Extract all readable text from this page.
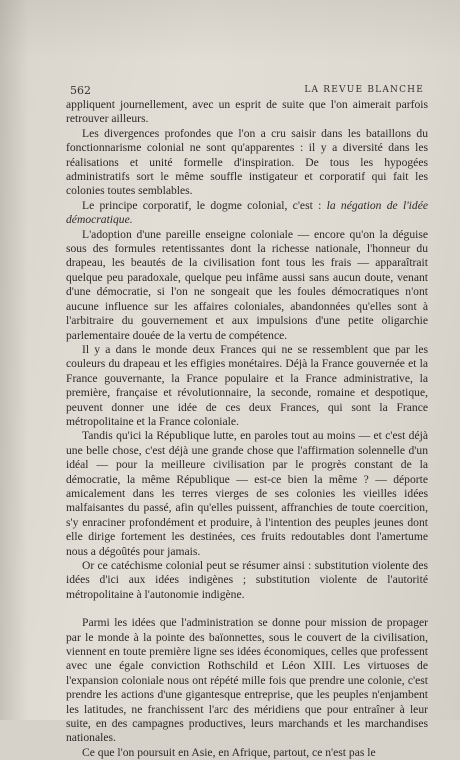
562	LA REVUE BLANCHE

appliquent journellement, avec un esprit de suite que l'on aimerait parfois retrouver ailleurs.

Les divergences profondes que l'on a cru saisir dans les bataillons du fonctionnarisme colonial ne sont qu'apparentes : il y a diversité dans les réalisations et unité formelle d'inspiration. De tous les hypogées administratifs sort le même souffle instigateur et corporatif qui fait les colonies toutes semblables.

Le principe corporatif, le dogme colonial, c'est : la négation de l'idée démocratique.

L'adoption d'une pareille enseigne coloniale — encore qu'on la déguise sous des formules retentissantes dont la richesse nationale, l'honneur du drapeau, les beautés de la civilisation font tous les frais — apparaîtrait quelque peu paradoxale, quelque peu infâme aussi sans aucun doute, venant d'une démocratie, si l'on ne songeait que les foules démocratiques n'ont aucune influence sur les affaires coloniales, abandonnées qu'elles sont à l'arbitraire du gouvernement et aux impulsions d'une petite oligarchie parlementaire douée de la vertu de compétence.

Il y a dans le monde deux Frances qui ne se ressemblent que par les couleurs du drapeau et les effigies monétaires. Déjà la France gouvernée et la France gouvernante, la France populaire et la France administrative, la première, française et révolutionnaire, la seconde, romaine et despotique, peuvent donner une idée de ces deux Frances, qui sont la France métropolitaine et la France coloniale.

Tandis qu'ici la République lutte, en paroles tout au moins — et c'est déjà une belle chose, c'est déjà une grande chose que l'affirmation solennelle d'un idéal — pour la meilleure civilisation par le progrès constant de la démocratie, la même République — est-ce bien la même ? — déporte amicalement dans les terres vierges de ses colonies les vieilles idées malfaisantes du passé, afin qu'elles puissent, affranchies de toute coercition, s'y enraciner profondément et produire, à l'intention des peuples jeunes dont elle dirige fortement les destinées, ces fruits redoutables dont l'amertume nous a dégoûtés pour jamais.

Or ce catéchisme colonial peut se résumer ainsi : substitution violente des idées d'ici aux idées indigènes ; substitution violente de l'autorité métropolitaine à l'autonomie indigène.

Parmi les idées que l'administration se donne pour mission de propager par le monde à la pointe des baïonnettes, sous le couvert de la civilisation, viennent en toute première ligne ses idées économiques, celles que professent avec une égale conviction Rothschild et Léon XIII. Les virtuoses de l'expansion coloniale nous ont répété mille fois que prendre une colonie, c'est prendre les actions d'une gigantesque entreprise, que les peuples n'enjambent les latitudes, ne franchissent l'arc des méridiens que pour entraîner à leur suite, en des campagnes productives, leurs marchands et les marchandises nationales.

Ce que l'on poursuit en Asie, en Afrique, partout, ce n'est pas le
